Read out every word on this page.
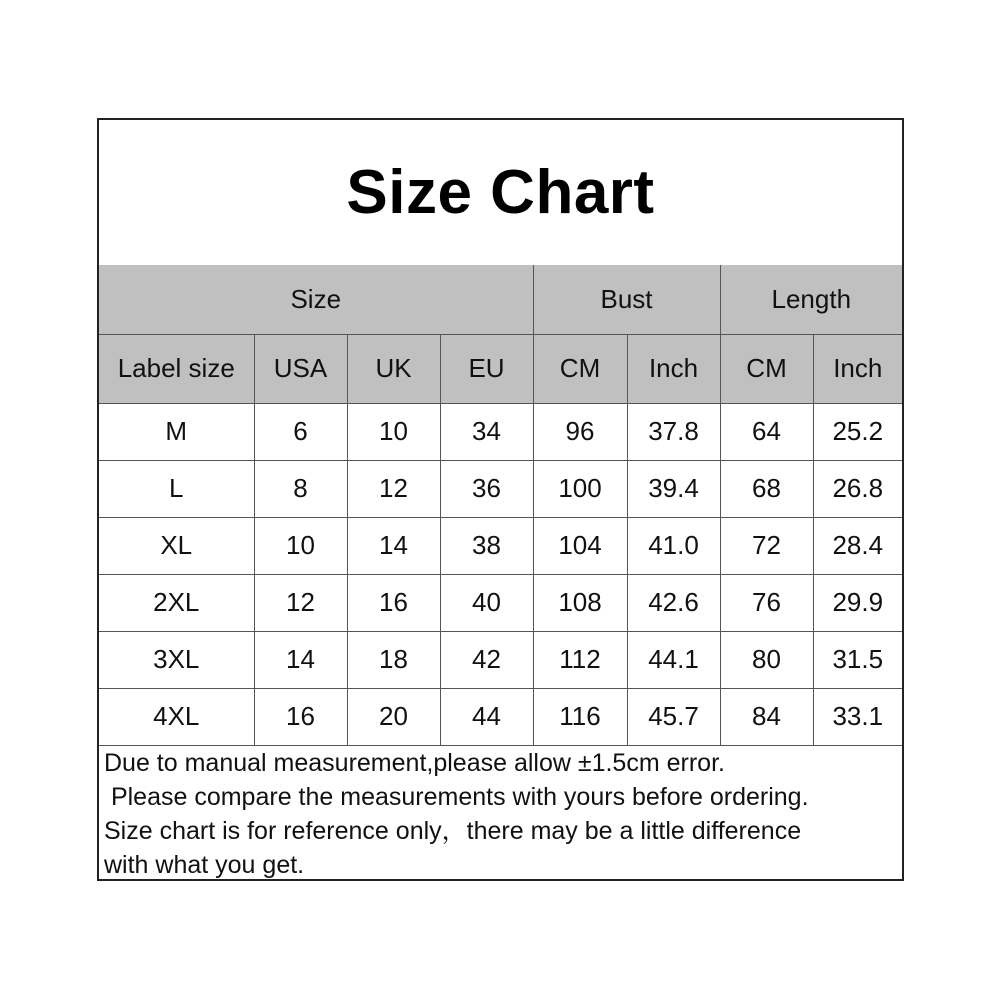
Size Chart
Size				Bust		Length	
Label size	USA	UK	EU	CM	Inch	CM	Inch
M	6	10	34	96	37.8	64	25.2
L	8	12	36	100	39.4	68	26.8
XL	10	14	38	104	41.0	72	28.4
2XL	12	16	40	108	42.6	76	29.9
3XL	14	18	42	112	44.1	80	31.5
4XL	16	20	44	116	45.7	84	33.1
Due to manual measurement,please allow ±1.5cm error.
Please compare the measurements with yours before ordering.
Size chart is for reference only，there may be a little difference
with what you get.
